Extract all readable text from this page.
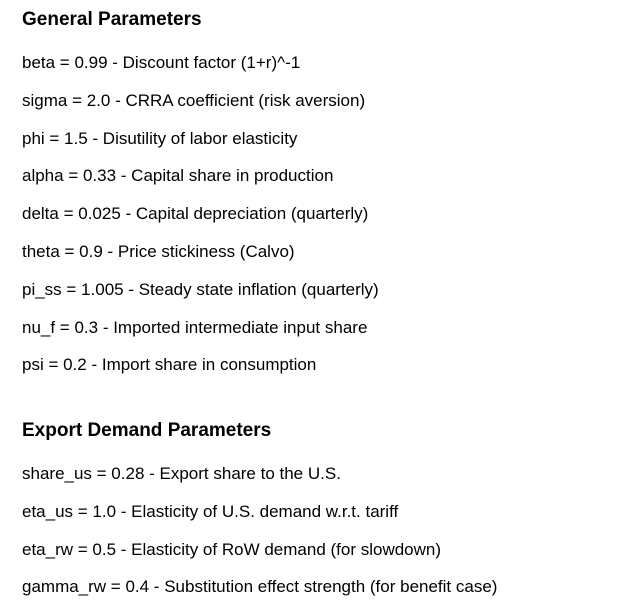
General Parameters
beta = 0.99 - Discount factor (1+r)^-1
sigma = 2.0 - CRRA coefficient (risk aversion)
phi = 1.5 - Disutility of labor elasticity
alpha = 0.33 - Capital share in production
delta = 0.025 - Capital depreciation (quarterly)
theta = 0.9 - Price stickiness (Calvo)
pi_ss = 1.005 - Steady state inflation (quarterly)
nu_f = 0.3 - Imported intermediate input share
psi = 0.2 - Import share in consumption
Export Demand Parameters
share_us = 0.28 - Export share to the U.S.
eta_us = 1.0 - Elasticity of U.S. demand w.r.t. tariff
eta_rw = 0.5 - Elasticity of RoW demand (for slowdown)
gamma_rw = 0.4 - Substitution effect strength (for benefit case)
